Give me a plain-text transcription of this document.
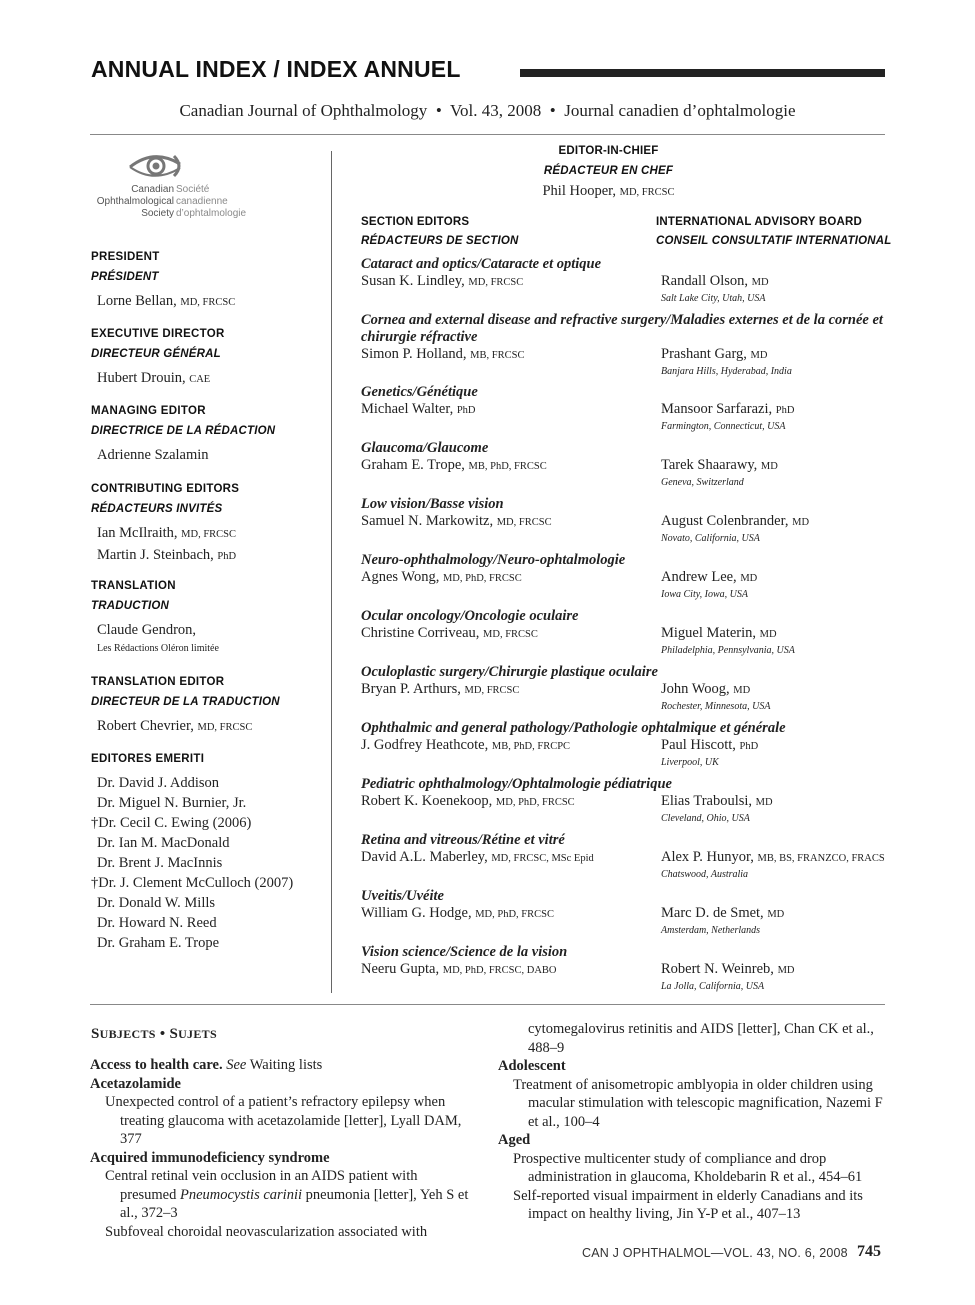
ANNUAL INDEX / INDEX ANNUEL
Canadian Journal of Ophthalmology • Vol. 43, 2008 • Journal canadien d’ophtalmologie
Canadian
Ophthalmological
Society
Société
canadienne
d’ophtalmologie
PRESIDENT
PRÉSIDENT
Lorne Bellan, MD, FRCSC
EXECUTIVE DIRECTOR
DIRECTEUR GÉNÉRAL
Hubert Drouin, CAE
MANAGING EDITOR
DIRECTRICE DE LA RÉDACTION
Adrienne Szalamin
CONTRIBUTING EDITORS
RÉDACTEURS INVITÉS
Ian McIlraith, MD, FRCSC
Martin J. Steinbach, PhD
TRANSLATION
TRADUCTION
Claude Gendron,
Les Rédactions Oléron limitée
TRANSLATION EDITOR
DIRECTEUR DE LA TRADUCTION
Robert Chevrier, MD, FRCSC
EDITORES EMERITI
Dr. David J. Addison
Dr. Miguel N. Burnier, Jr.
†Dr. Cecil C. Ewing (2006)
Dr. Ian M. MacDonald
Dr. Brent J. MacInnis
†Dr. J. Clement McCulloch (2007)
Dr. Donald W. Mills
Dr. Howard N. Reed
Dr. Graham E. Trope
EDITOR-IN-CHIEF
RÉDACTEUR EN CHEF
Phil Hooper, MD, FRCSC
SECTION EDITORS
RÉDACTEURS DE SECTION
INTERNATIONAL ADVISORY BOARD
CONSEIL CONSULTATIF INTERNATIONAL
Cataract and optics/Cataracte et optique
Susan K. Lindley, MD, FRCSC	Randall Olson, MD
Salt Lake City, Utah, USA
Cornea and external disease and refractive surgery/Maladies externes et de la cornée et chirurgie réfractive
Simon P. Holland, MB, FRCSC	Prashant Garg, MD
Banjara Hills, Hyderabad, India
Genetics/Génétique
Michael Walter, PhD	Mansoor Sarfarazi, PhD
Farmington, Connecticut, USA
Glaucoma/Glaucome
Graham E. Trope, MB, PhD, FRCSC	Tarek Shaarawy, MD
Geneva, Switzerland
Low vision/Basse vision
Samuel N. Markowitz, MD, FRCSC	August Colenbrander, MD
Novato, California, USA
Neuro-ophthalmology/Neuro-ophtalmologie
Agnes Wong, MD, PhD, FRCSC	Andrew Lee, MD
Iowa City, Iowa, USA
Ocular oncology/Oncologie oculaire
Christine Corriveau, MD, FRCSC	Miguel Materin, MD
Philadelphia, Pennsylvania, USA
Oculoplastic surgery/Chirurgie plastique oculaire
Bryan P. Arthurs, MD, FRCSC	John Woog, MD
Rochester, Minnesota, USA
Ophthalmic and general pathology/Pathologie ophtalmique et générale
J. Godfrey Heathcote, MB, PhD, FRCPC	Paul Hiscott, PhD
Liverpool, UK
Pediatric ophthalmology/Ophtalmologie pédiatrique
Robert K. Koenekoop, MD, PhD, FRCSC	Elias Traboulsi, MD
Cleveland, Ohio, USA
Retina and vitreous/Rétine et vitré
David A.L. Maberley, MD, FRCSC, MSc Epid	Alex P. Hunyor, MB, BS, FRANZCO, FRACS
Chatswood, Australia
Uveitis/Uvéite
William G. Hodge, MD, PhD, FRCSC	Marc D. de Smet, MD
Amsterdam, Netherlands
Vision science/Science de la vision
Neeru Gupta, MD, PhD, FRCSC, DABO	Robert N. Weinreb, MD
La Jolla, California, USA
SUBJECTS • SUJETS
Access to health care. See Waiting lists
Acetazolamide
Unexpected control of a patient’s refractory epilepsy when treating glaucoma with acetazolamide [letter], Lyall DAM, 377
Acquired immunodeficiency syndrome
Central retinal vein occlusion in an AIDS patient with presumed Pneumocystis carinii pneumonia [letter], Yeh S et al., 372–3
Subfoveal choroidal neovascularization associated with
cytomegalovirus retinitis and AIDS [letter], Chan CK et al., 488–9
Adolescent
Treatment of anisometropic amblyopia in older children using macular stimulation with telescopic magnification, Nazemi F et al., 100–4
Aged
Prospective multicenter study of compliance and drop administration in glaucoma, Kholdebarin R et al., 454–61
Self-reported visual impairment in elderly Canadians and its impact on healthy living, Jin Y-P et al., 407–13
CAN J OPHTHALMOL—VOL. 43, NO. 6, 2008 745
